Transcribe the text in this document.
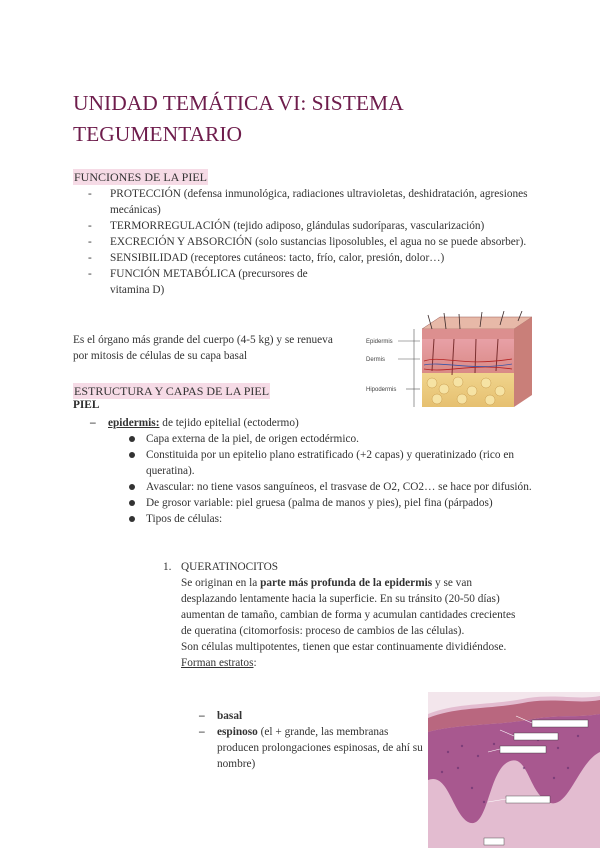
UNIDAD TEMÁTICA VI: SISTEMA TEGUMENTARIO
FUNCIONES DE LA PIEL
- PROTECCIÓN (defensa inmunológica, radiaciones ultravioletas, deshidratación, agresiones mecánicas)
- TERMORREGULACIÓN (tejido adiposo, glándulas sudoríparas, vascularización)
- EXCRECIÓN Y ABSORCIÓN (solo sustancias liposolubles, el agua no se puede absorber).
- SENSIBILIDAD (receptores cutáneos: tacto, frío, calor, presión, dolor…)
- FUNCIÓN METABÓLICA (precursores de vitamina D)

Es el órgano más grande del cuerpo (4-5 kg) y se renueva por mitosis de células de su capa basal

Epidermis
Dermis
Hipodermis
ESTRUCTURA Y CAPAS DE LA PIEL
PIEL
– epidermis: de tejido epitelial (ectodermo)
Capa externa de la piel, de origen ectodérmico.
Constituida por un epitelio plano estratificado (+2 capas) y queratinizado (rico en queratina).
Avascular: no tiene vasos sanguíneos, el trasvase de O2, CO2… se hace por difusión.
De grosor variable: piel gruesa (palma de manos y pies), piel fina (párpados)
Tipos de células:
1. QUERATINOCITOS
Se originan en la parte más profunda de la epidermis y se van desplazando lentamente hacia la superficie. En su tránsito (20-50 días) aumentan de tamaño, cambian de forma y acumulan cantidades crecientes de queratina (citomorfosis: proceso de cambios de las células).
Son células multipotentes, tienen que estar continuamente dividiéndose.
Forman estratos:
– basal
– espinoso (el + grande, las membranas producen prolongaciones espinosas, de ahí su nombre)
